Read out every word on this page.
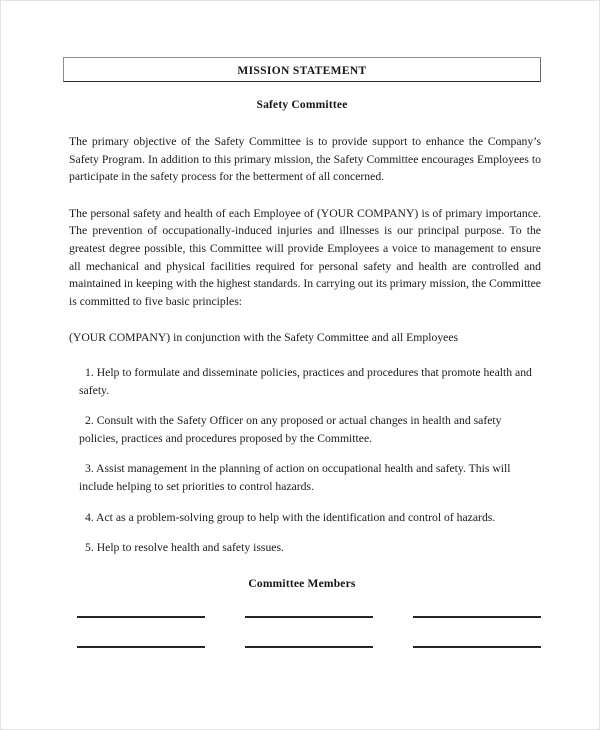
MISSION STATEMENT
Safety Committee
The primary objective of the Safety Committee is to provide support to enhance the Company’s Safety Program. In addition to this primary mission, the Safety Committee encourages Employees to participate in the safety process for the betterment of all concerned.
The personal safety and health of each Employee of (YOUR COMPANY) is of primary importance. The prevention of occupationally-induced injuries and illnesses is our principal purpose. To the greatest degree possible, this Committee will provide Employees a voice to management to ensure all mechanical and physical facilities required for personal safety and health are controlled and maintained in keeping with the highest standards. In carrying out its primary mission, the Committee is committed to five basic principles:
(YOUR COMPANY) in conjunction with the Safety Committee and all Employees
1. Help to formulate and disseminate policies, practices and procedures that promote health and safety.
2. Consult with the Safety Officer on any proposed or actual changes in health and safety policies, practices and procedures proposed by the Committee.
3. Assist management in the planning of action on occupational health and safety. This will include helping to set priorities to control hazards.
4. Act as a problem-solving group to help with the identification and control of hazards.
5. Help to resolve health and safety issues.
Committee Members
